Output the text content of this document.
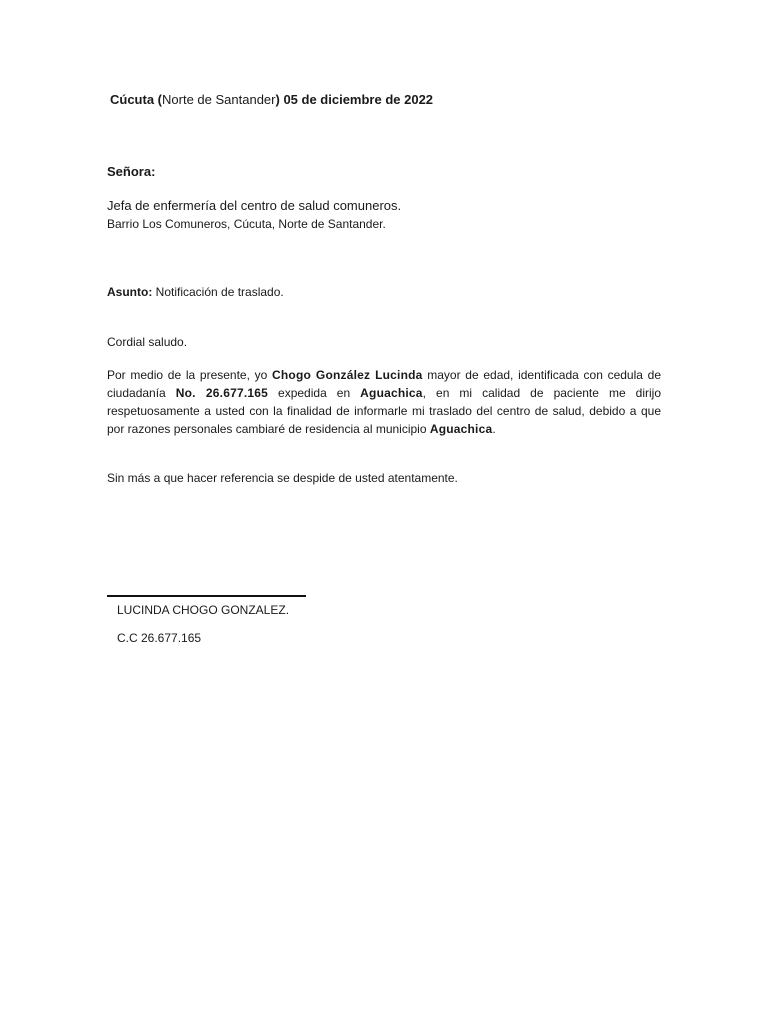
Cúcuta (Norte de Santander) 05 de diciembre de 2022
Señora:
Jefa de enfermería del centro de salud comuneros.
Barrio Los Comuneros, Cúcuta, Norte de Santander.
Asunto: Notificación de traslado.
Cordial saludo.
Por medio de la presente, yo Chogo González Lucinda mayor de edad, identificada con cedula de ciudadanía No. 26.677.165 expedida en Aguachica, en mi calidad de paciente me dirijo respetuosamente a usted con la finalidad de informarle mi traslado del centro de salud, debido a que por razones personales cambiaré de residencia al municipio Aguachica.
Sin más a que hacer referencia se despide de usted atentamente.
LUCINDA CHOGO GONZALEZ.
C.C 26.677.165
